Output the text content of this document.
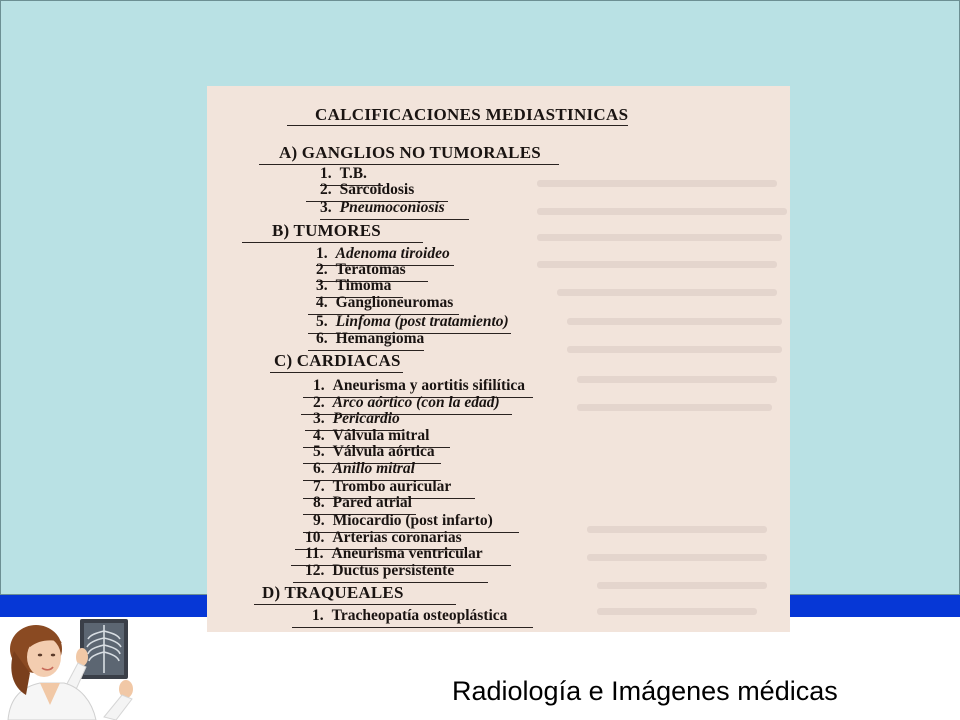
CALCIFICACIONES MEDIASTINICAS
A) GANGLIOS NO TUMORALES
1. T.B.
2. Sarcoidosis
3. Pneumoconiosis
B) TUMORES
1. Adenoma tiroideo
2. Teratomas
3. Timoma
4. Ganglioneuromas
5. Linfoma (post tratamiento)
6. Hemangioma
C) CARDIACAS
1. Aneurisma y aortitis sifilítica
2. Arco aórtico (con la edad)
3. Pericardio
4. Válvula mitral
5. Válvula aórtica
6. Anillo mitral
7. Trombo auricular
8. Pared atrial
9. Miocardio (post infarto)
10. Arterias coronarias
11. Aneurisma ventricular
12. Ductus persistente
D) TRAQUEALES
1. Tracheopatía osteoplástica
Radiología e Imágenes médicas
